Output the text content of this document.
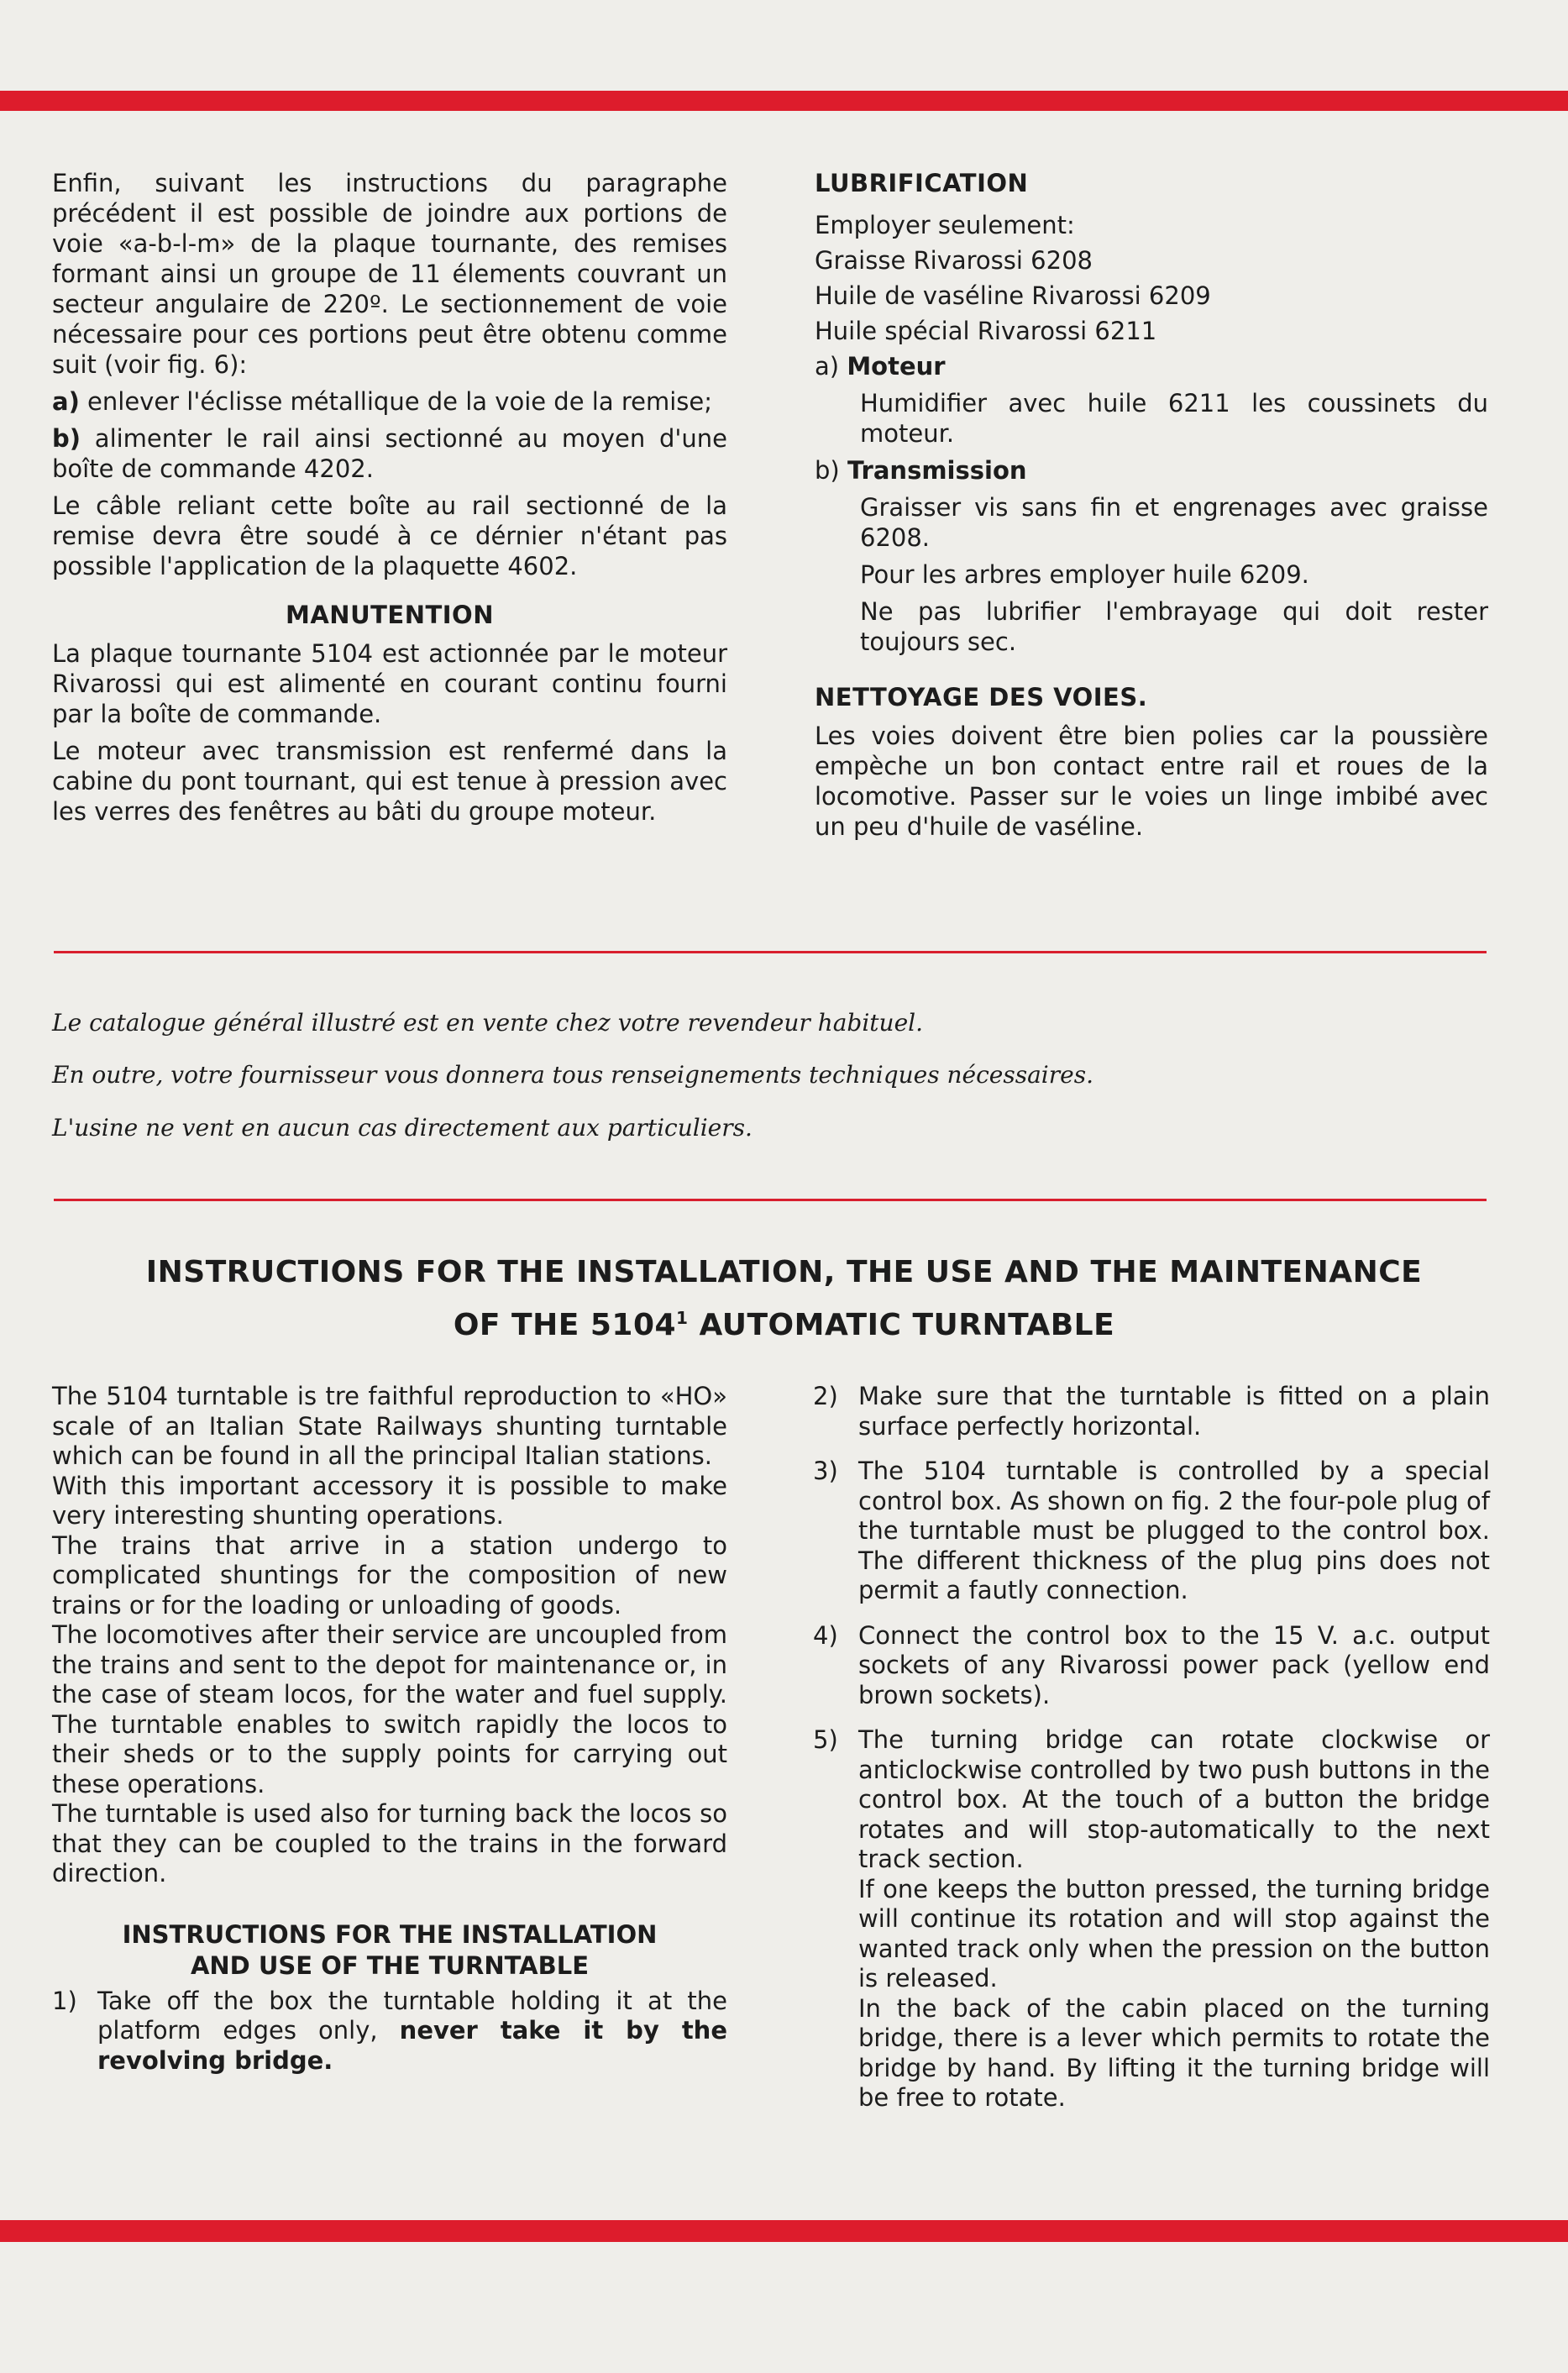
Enfin, suivant les instructions du paragraphe précédent il est possible de joindre aux portions de voie «a-b-l-m» de la plaque tournante, des remises formant ainsi un groupe de 11 élements couvrant un secteur angulaire de 220º. Le sectionnement de voie nécessaire pour ces portions peut être obtenu comme suit (voir fig. 6):

a) enlever l'éclisse métallique de la voie de la remise;

b) alimenter le rail ainsi sectionné au moyen d'une boîte de commande 4202.

Le câble reliant cette boîte au rail sectionné de la remise devra être soudé à ce dérnier n'étant pas possible l'application de la plaquette 4602.

MANUTENTION

La plaque tournante 5104 est actionnée par le moteur Rivarossi qui est alimenté en courant continu fourni par la boîte de commande.

Le moteur avec transmission est renfermé dans la cabine du pont tournant, qui est tenue à pression avec les verres des fenêtres au bâti du groupe moteur.

LUBRIFICATION
Employer seulement:
Graisse Rivarossi 6208
Huile de vaséline Rivarossi 6209
Huile spécial Rivarossi 6211
a) Moteur

Humidifier avec huile 6211 les coussinets du moteur.

b) Transmission

Graisser vis sans fin et engrenages avec graisse 6208.

Pour les arbres employer huile 6209.

Ne pas lubrifier l'embrayage qui doit rester toujours sec.

NETTOYAGE DES VOIES.

Les voies doivent être bien polies car la poussière empèche un bon contact entre rail et roues de la locomotive. Passer sur le voies un linge imbibé avec un peu d'huile de vaséline.

Le catalogue général illustré est en vente chez votre revendeur habituel.
En outre, votre fournisseur vous donnera tous renseignements techniques nécessaires.
L'usine ne vent en aucun cas directement aux particuliers.
INSTRUCTIONS FOR THE INSTALLATION, THE USE AND THE MAINTENANCE
OF THE 5104$^1$ AUTOMATIC TURNTABLE

The 5104 turntable is tre faithful reproduction to «HO» scale of an Italian State Railways shunting turntable which can be found in all the principal Italian stations.

With this important accessory it is possible to make very interesting shunting operations.

The trains that arrive in a station undergo to complicated shuntings for the composition of new trains or for the loading or unloading of goods.

The locomotives after their service are uncoupled from the trains and sent to the depot for maintenance or, in the case of steam locos, for the water and fuel supply. The turntable enables to switch rapidly the locos to their sheds or to the supply points for carrying out these operations.

The turntable is used also for turning back the locos so that they can be coupled to the trains in the forward direction.

INSTRUCTIONS FOR THE INSTALLATION
AND USE OF THE TURNTABLE
1) Take off the box the turntable holding it at the platform edges only, never take it by the revolving bridge.
2) Make sure that the turntable is fitted on a plain surface perfectly horizontal.
3) The 5104 turntable is controlled by a special control box. As shown on fig. 2 the four-pole plug of the turntable must be plugged to the control box. The different thickness of the plug pins does not permit a fautly connection.
4) Connect the control box to the 15 V. a.c. output sockets of any Rivarossi power pack (yellow end brown sockets).
5) The turning bridge can rotate clockwise or anticlockwise controlled by two push buttons in the control box. At the touch of a button the bridge rotates and will stop-automatically to the next track section.

If one keeps the button pressed, the turning bridge will continue its rotation and will stop against the wanted track only when the pression on the button is released.

In the back of the cabin placed on the turning bridge, there is a lever which permits to rotate the bridge by hand. By lifting it the turning bridge will be free to rotate.
